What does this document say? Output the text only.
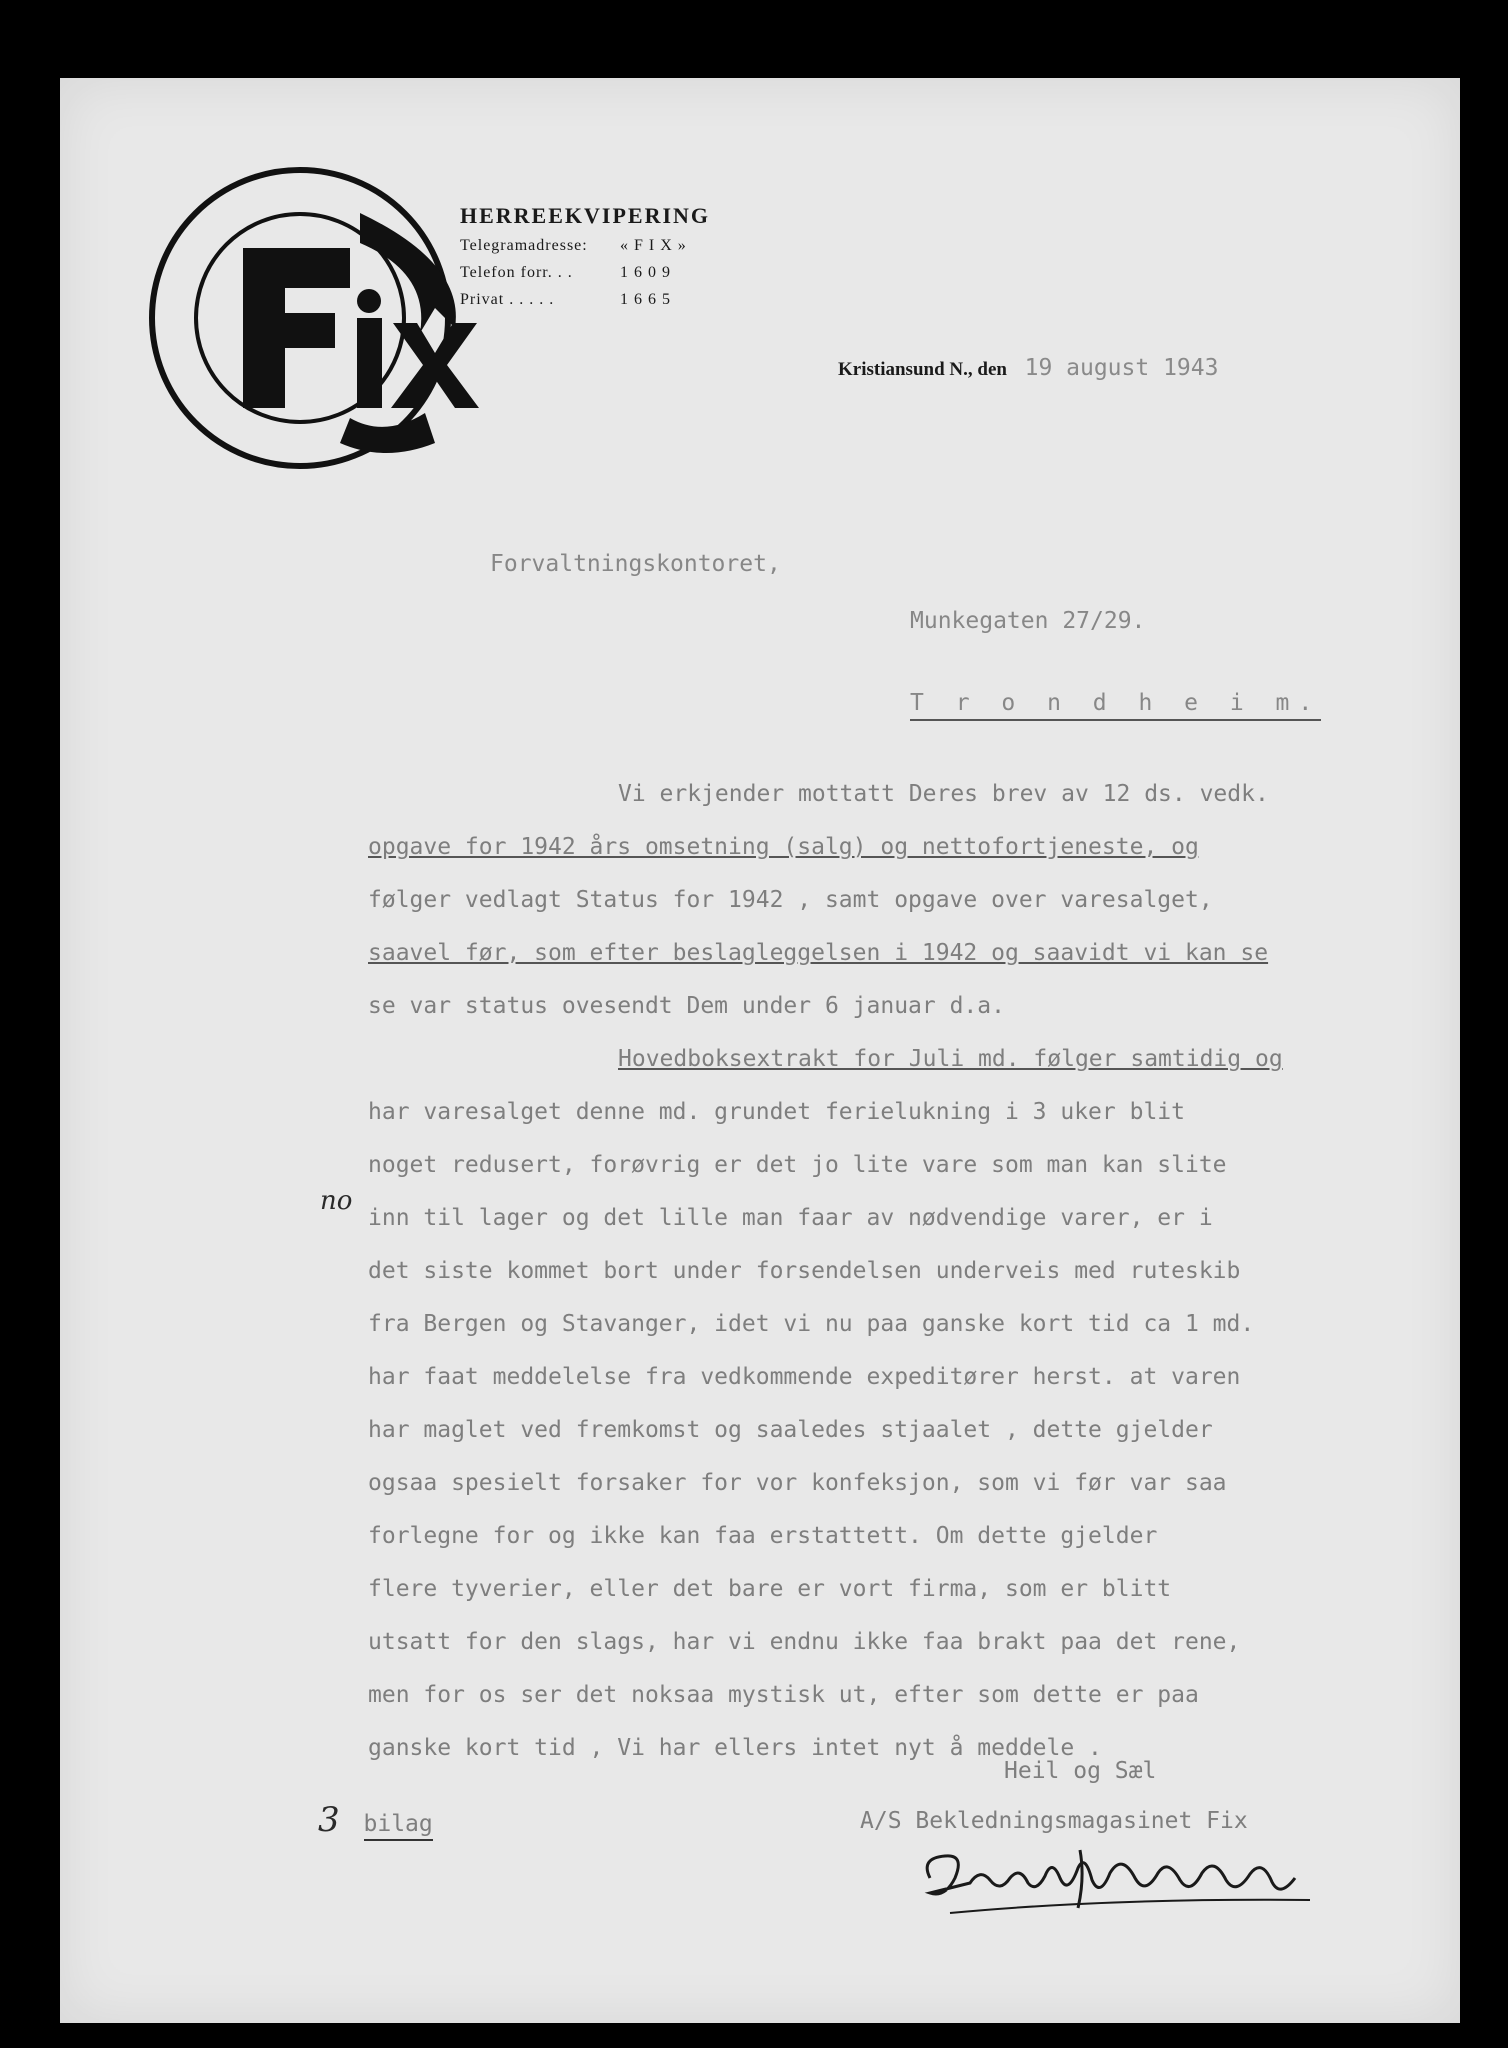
HERREEKVIPERING
Telegramadresse:	«FIX»
Telefon forr. . .	1609
Privat . . . . .	1665
Kristiansund N., den 19 august 1943
Forvaltningskontoret,
Munkegaten 27/29.
T r o n d h e i m.
Vi erkjender mottatt Deres brev av 12 ds. vedk.
opgave for 1942 års omsetning (salg) og nettofortjeneste, og
følger vedlagt Status for 1942 , samt opgave over varesalget,
saavel før, som efter beslagleggelsen i 1942 og saavidt vi kan se
se var status ovesendt Dem under 6 januar d.a.
Hovedboksextrakt for Juli md. følger samtidig og
har varesalget denne md. grundet ferielukning i 3 uker blit
noget redusert, forøvrig er det jo lite vare som man kan slite
inn til lager og det lille man faar av nødvendige varer, er i
det siste kommet bort under forsendelsen underveis med ruteskib
fra Bergen og Stavanger, idet vi nu paa ganske kort tid ca 1 md.
har faat meddelelse fra vedkommende expeditører herst. at varen
har maglet ved fremkomst og saaledes stjaalet , dette gjelder
ogsaa spesielt forsaker for vor konfeksjon, som vi før var saa
forlegne for og ikke kan faa erstattett. Om dette gjelder
flere tyverier, eller det bare er vort firma, som er blitt
utsatt for den slags, har vi endnu ikke faa brakt paa det rene,
men for os ser det noksaa mystisk ut, efter som dette er paa
ganske kort tid , Vi har ellers intet nyt å meddele .
no
Heil og Sæl
3 bilag	A/S Bekledningsmagasinet Fix
